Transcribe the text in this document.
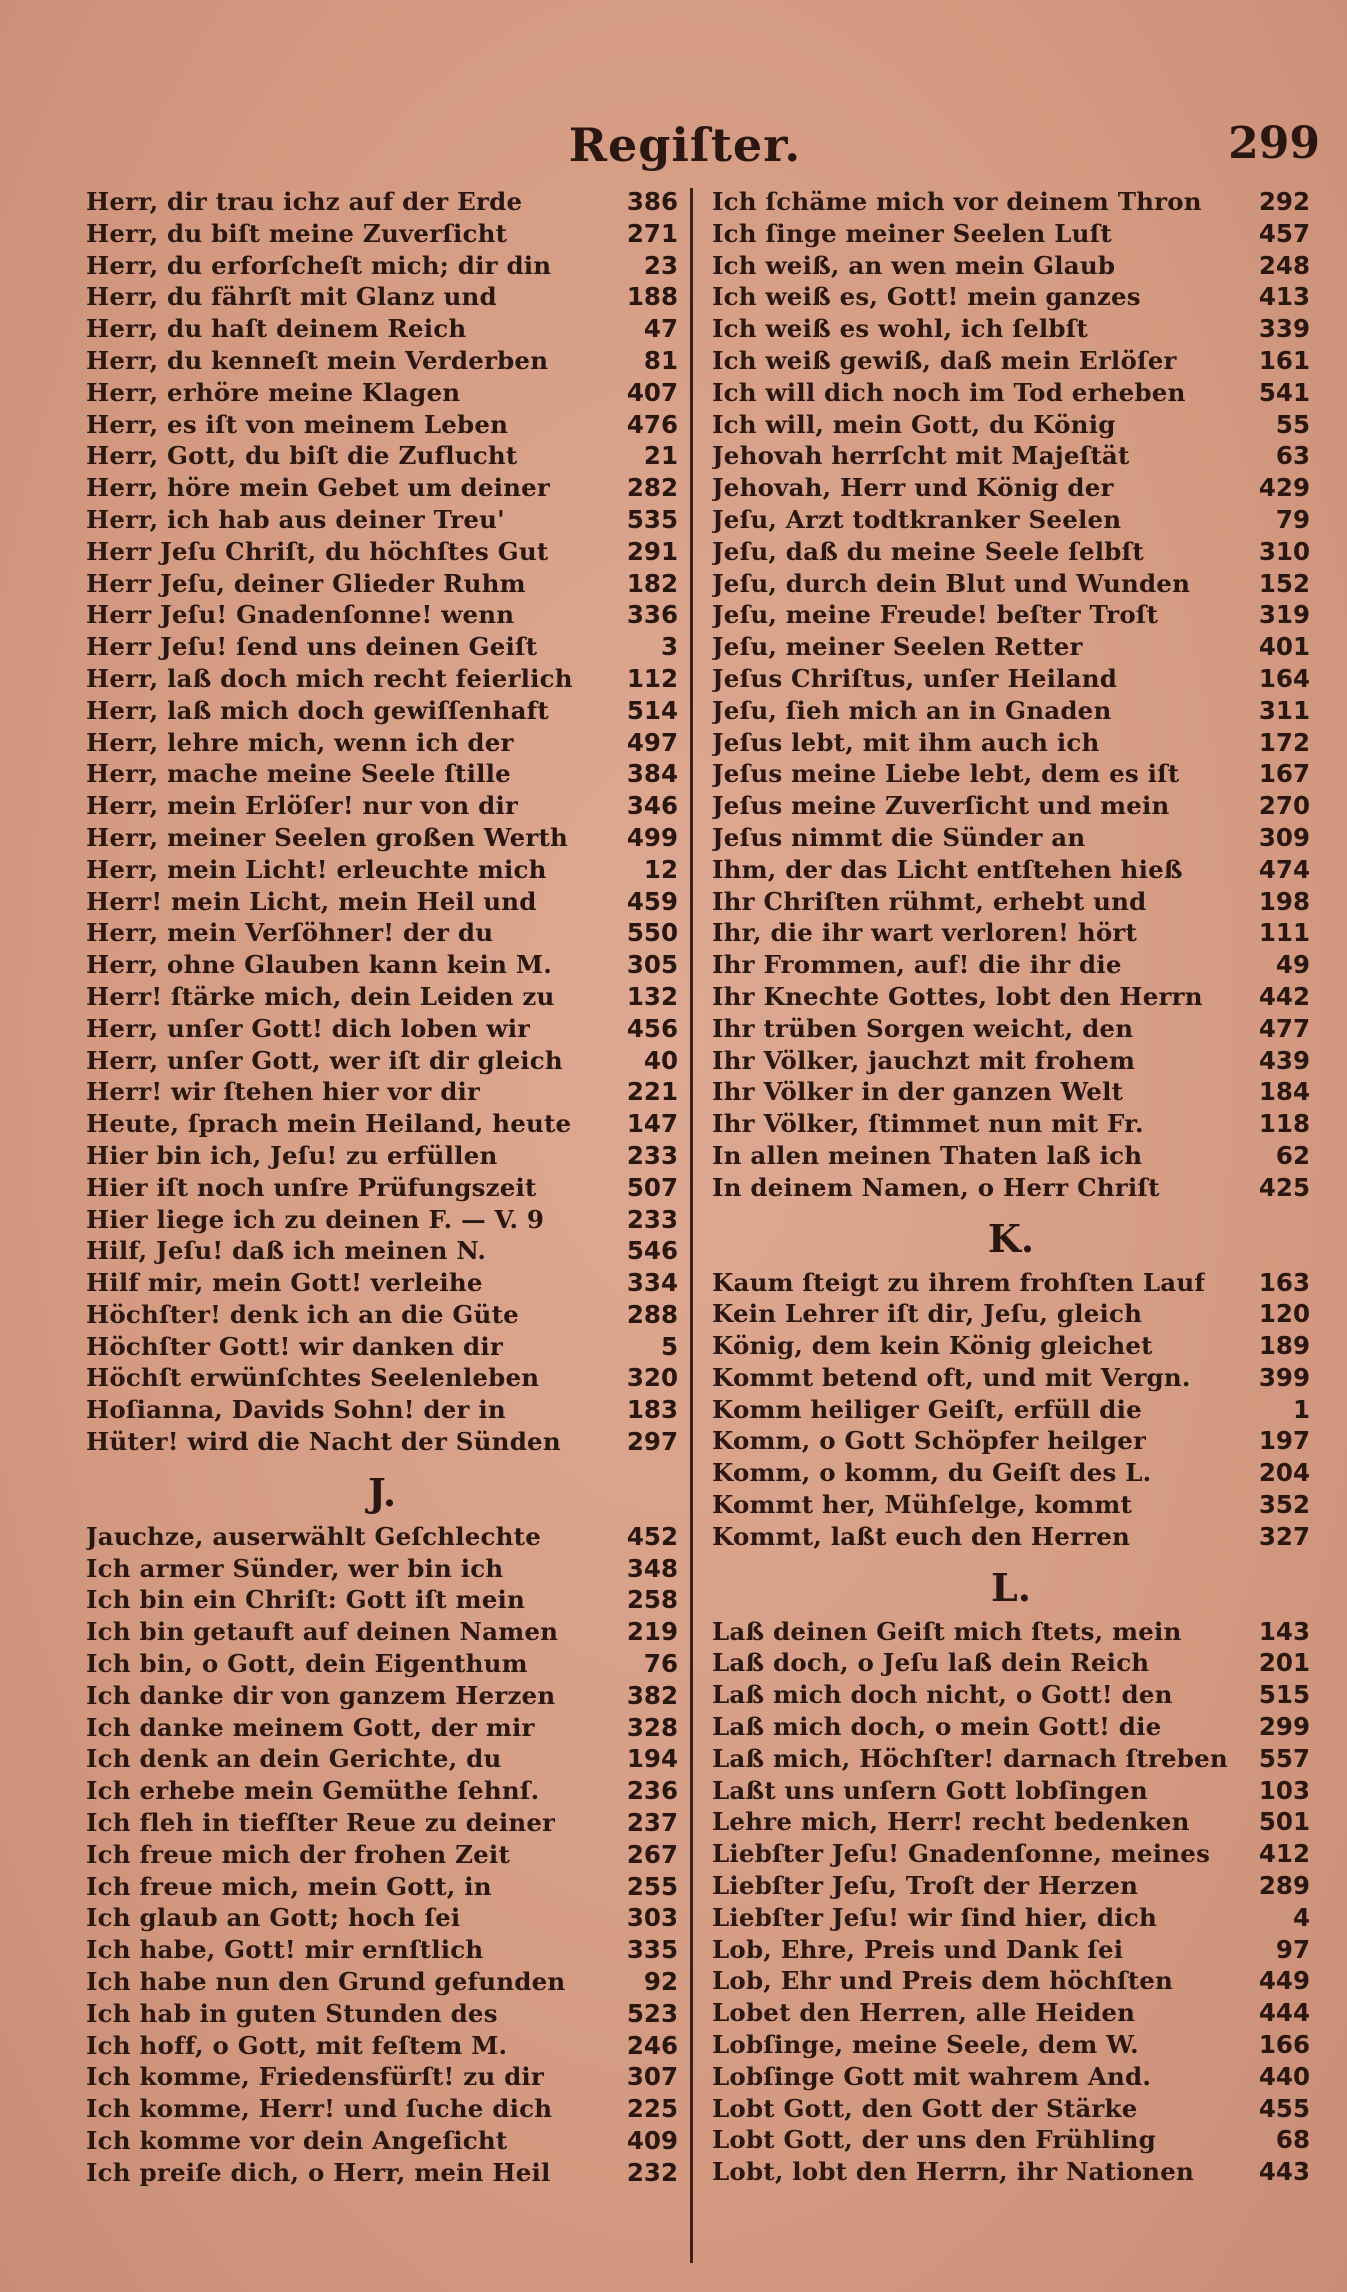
Regiſter.	299
Herr, dir trau ichz auf der Erde	386
Herr, du biſt meine Zuverſicht	271
Herr, du erforſcheſt mich; dir din	23
Herr, du fährſt mit Glanz und	188
Herr, du haſt deinem Reich	47
Herr, du kenneſt mein Verderben	81
Herr, erhöre meine Klagen	407
Herr, es iſt von meinem Leben	476
Herr, Gott, du biſt die Zuflucht	21
Herr, höre mein Gebet um deiner	282
Herr, ich hab aus deiner Treu'	535
Herr Jeſu Chriſt, du höchſtes Gut	291
Herr Jeſu, deiner Glieder Ruhm	182
Herr Jeſu! Gnadenſonne! wenn	336
Herr Jeſu! ſend uns deinen Geiſt	3
Herr, laß doch mich recht feierlich	112
Herr, laß mich doch gewiſſenhaft	514
Herr, lehre mich, wenn ich der	497
Herr, mache meine Seele ſtille	384
Herr, mein Erlöſer! nur von dir	346
Herr, meiner Seelen großen Werth	499
Herr, mein Licht! erleuchte mich	12
Herr! mein Licht, mein Heil und	459
Herr, mein Verſöhner! der du	550
Herr, ohne Glauben kann kein M.	305
Herr! ſtärke mich, dein Leiden zu	132
Herr, unſer Gott! dich loben wir	456
Herr, unſer Gott, wer iſt dir gleich	40
Herr! wir ſtehen hier vor dir	221
Heute, ſprach mein Heiland, heute	147
Hier bin ich, Jeſu! zu erfüllen	233
Hier iſt noch unſre Prüfungszeit	507
Hier liege ich zu deinen F. — V. 9	233
Hilf, Jeſu! daß ich meinen N.	546
Hilf mir, mein Gott! verleihe	334
Höchſter! denk ich an die Güte	288
Höchſter Gott! wir danken dir	5
Höchſt erwünſchtes Seelenleben	320
Hoſianna, Davids Sohn! der in	183
Hüter! wird die Nacht der Sünden	297
J.
Jauchze, auserwählt Geſchlechte	452
Ich armer Sünder, wer bin ich	348
Ich bin ein Chriſt: Gott iſt mein	258
Ich bin getauft auf deinen Namen	219
Ich bin, o Gott, dein Eigenthum	76
Ich danke dir von ganzem Herzen	382
Ich danke meinem Gott, der mir	328
Ich denk an dein Gerichte, du	194
Ich erhebe mein Gemüthe ſehnſ.	236
Ich fleh in tiefſter Reue zu deiner	237
Ich freue mich der frohen Zeit	267
Ich freue mich, mein Gott, in	255
Ich glaub an Gott; hoch ſei	303
Ich habe, Gott! mir ernſtlich	335
Ich habe nun den Grund gefunden	92
Ich hab in guten Stunden des	523
Ich hoff, o Gott, mit feſtem M.	246
Ich komme, Friedensfürſt! zu dir	307
Ich komme, Herr! und ſuche dich	225
Ich komme vor dein Angeſicht	409
Ich preiſe dich, o Herr, mein Heil	232
Ich ſchäme mich vor deinem Thron	292
Ich ſinge meiner Seelen Luſt	457
Ich weiß, an wen mein Glaub	248
Ich weiß es, Gott! mein ganzes	413
Ich weiß es wohl, ich ſelbſt	339
Ich weiß gewiß, daß mein Erlöſer	161
Ich will dich noch im Tod erheben	541
Ich will, mein Gott, du König	55
Jehovah herrſcht mit Majeſtät	63
Jehovah, Herr und König der	429
Jeſu, Arzt todtkranker Seelen	79
Jeſu, daß du meine Seele ſelbſt	310
Jeſu, durch dein Blut und Wunden	152
Jeſu, meine Freude! beſter Troſt	319
Jeſu, meiner Seelen Retter	401
Jeſus Chriſtus, unſer Heiland	164
Jeſu, ſieh mich an in Gnaden	311
Jeſus lebt, mit ihm auch ich	172
Jeſus meine Liebe lebt, dem es iſt	167
Jeſus meine Zuverſicht und mein	270
Jeſus nimmt die Sünder an	309
Ihm, der das Licht entſtehen hieß	474
Ihr Chriſten rühmt, erhebt und	198
Ihr, die ihr wart verloren! hört	111
Ihr Frommen, auf! die ihr die	49
Ihr Knechte Gottes, lobt den Herrn	442
Ihr trüben Sorgen weicht, den	477
Ihr Völker, jauchzt mit frohem	439
Ihr Völker in der ganzen Welt	184
Ihr Völker, ſtimmet nun mit Fr.	118
In allen meinen Thaten laß ich	62
In deinem Namen, o Herr Chriſt	425
K.
Kaum ſteigt zu ihrem frohſten Lauf	163
Kein Lehrer iſt dir, Jeſu, gleich	120
König, dem kein König gleichet	189
Kommt betend oft, und mit Vergn.	399
Komm heiliger Geiſt, erfüll die	1
Komm, o Gott Schöpfer heilger	197
Komm, o komm, du Geiſt des L.	204
Kommt her, Mühſelge, kommt	352
Kommt, laßt euch den Herren	327
L.
Laß deinen Geiſt mich ſtets, mein	143
Laß doch, o Jeſu laß dein Reich	201
Laß mich doch nicht, o Gott! den	515
Laß mich doch, o mein Gott! die	299
Laß mich, Höchſter! darnach ſtreben	557
Laßt uns unſern Gott lobſingen	103
Lehre mich, Herr! recht bedenken	501
Liebſter Jeſu! Gnadenſonne, meines	412
Liebſter Jeſu, Troſt der Herzen	289
Liebſter Jeſu! wir ſind hier, dich	4
Lob, Ehre, Preis und Dank ſei	97
Lob, Ehr und Preis dem höchſten	449
Lobet den Herren, alle Heiden	444
Lobſinge, meine Seele, dem W.	166
Lobſinge Gott mit wahrem And.	440
Lobt Gott, den Gott der Stärke	455
Lobt Gott, der uns den Frühling	68
Lobt, lobt den Herrn, ihr Nationen	443
